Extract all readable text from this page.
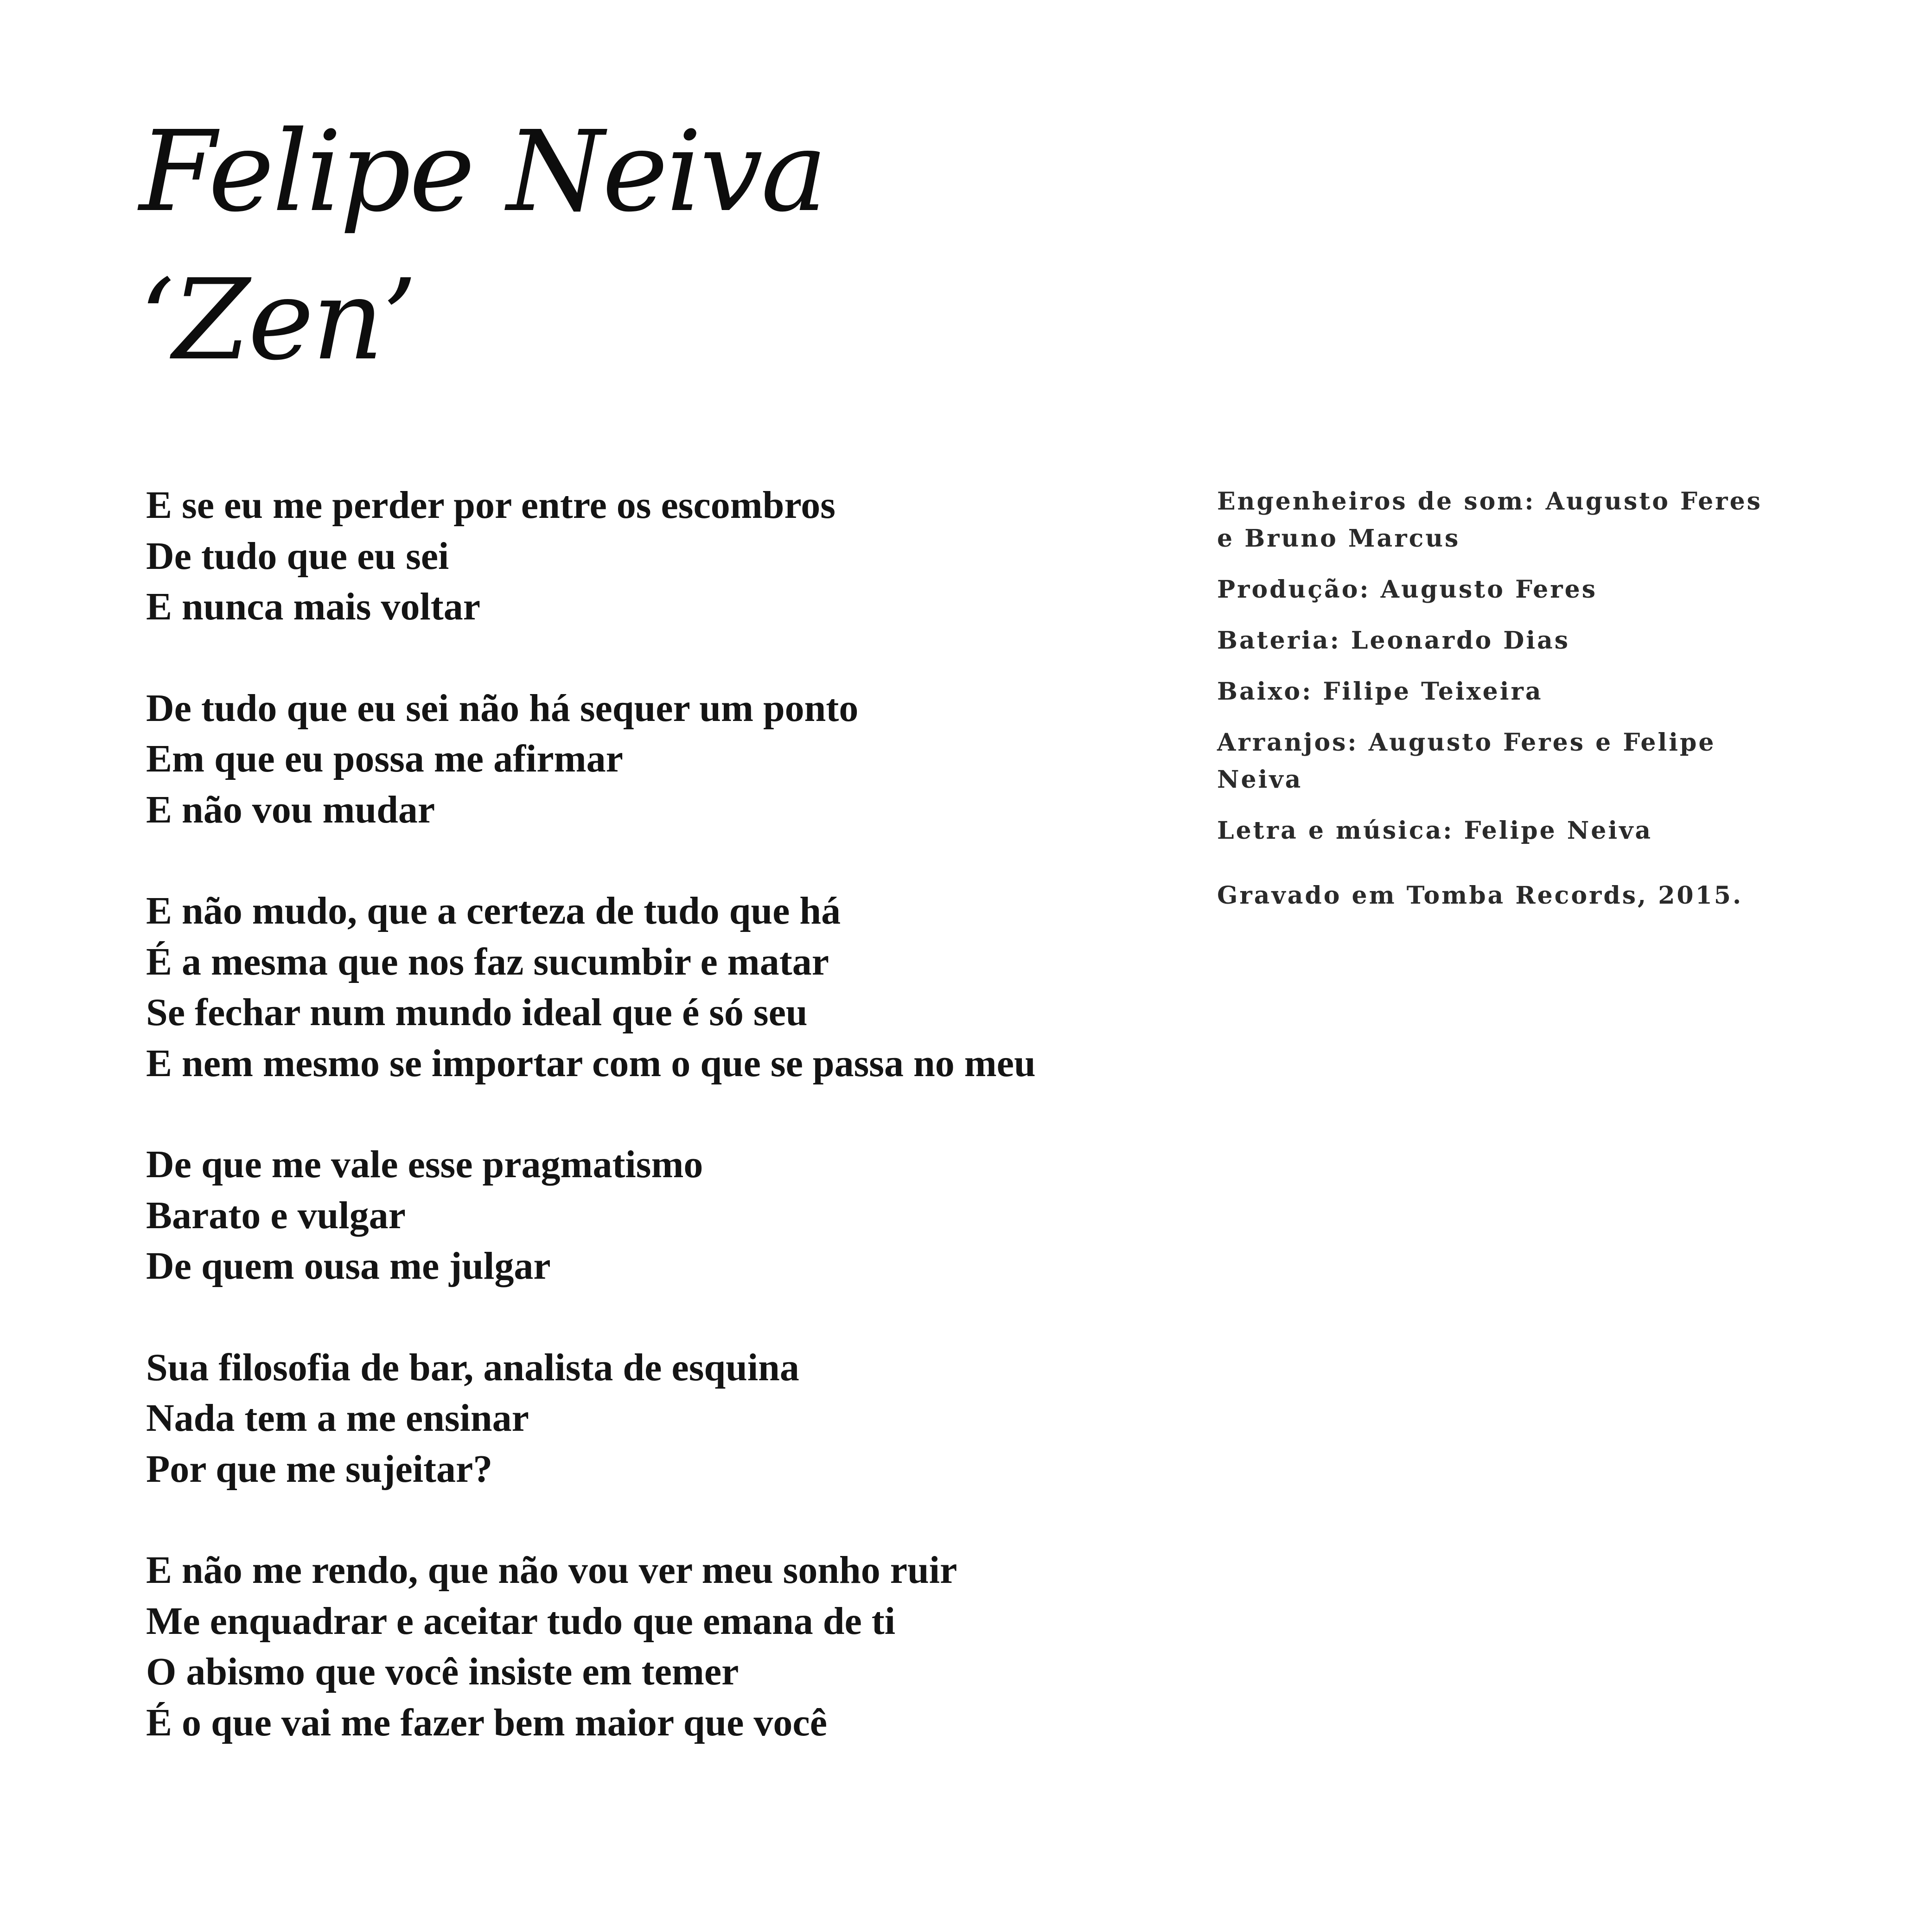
Felipe Neiva
‘Zen’
E se eu me perder por entre os escombros
De tudo que eu sei
E nunca mais voltar
De tudo que eu sei não há sequer um ponto
Em que eu possa me afirmar
E não vou mudar
E não mudo, que a certeza de tudo que há
É a mesma que nos faz sucumbir e matar
Se fechar num mundo ideal que é só seu
E nem mesmo se importar com o que se passa no meu
De que me vale esse pragmatismo
Barato e vulgar
De quem ousa me julgar
Sua filosofia de bar, analista de esquina
Nada tem a me ensinar
Por que me sujeitar?
E não me rendo, que não vou ver meu sonho ruir
Me enquadrar e aceitar tudo que emana de ti
O abismo que você insiste em temer
É o que vai me fazer bem maior que você
Engenheiros de som: Augusto Feres
e Bruno Marcus
Produção: Augusto Feres
Bateria: Leonardo Dias
Baixo: Filipe Teixeira
Arranjos: Augusto Feres e Felipe Neiva
Letra e música: Felipe Neiva
Gravado em Tomba Records, 2015.
